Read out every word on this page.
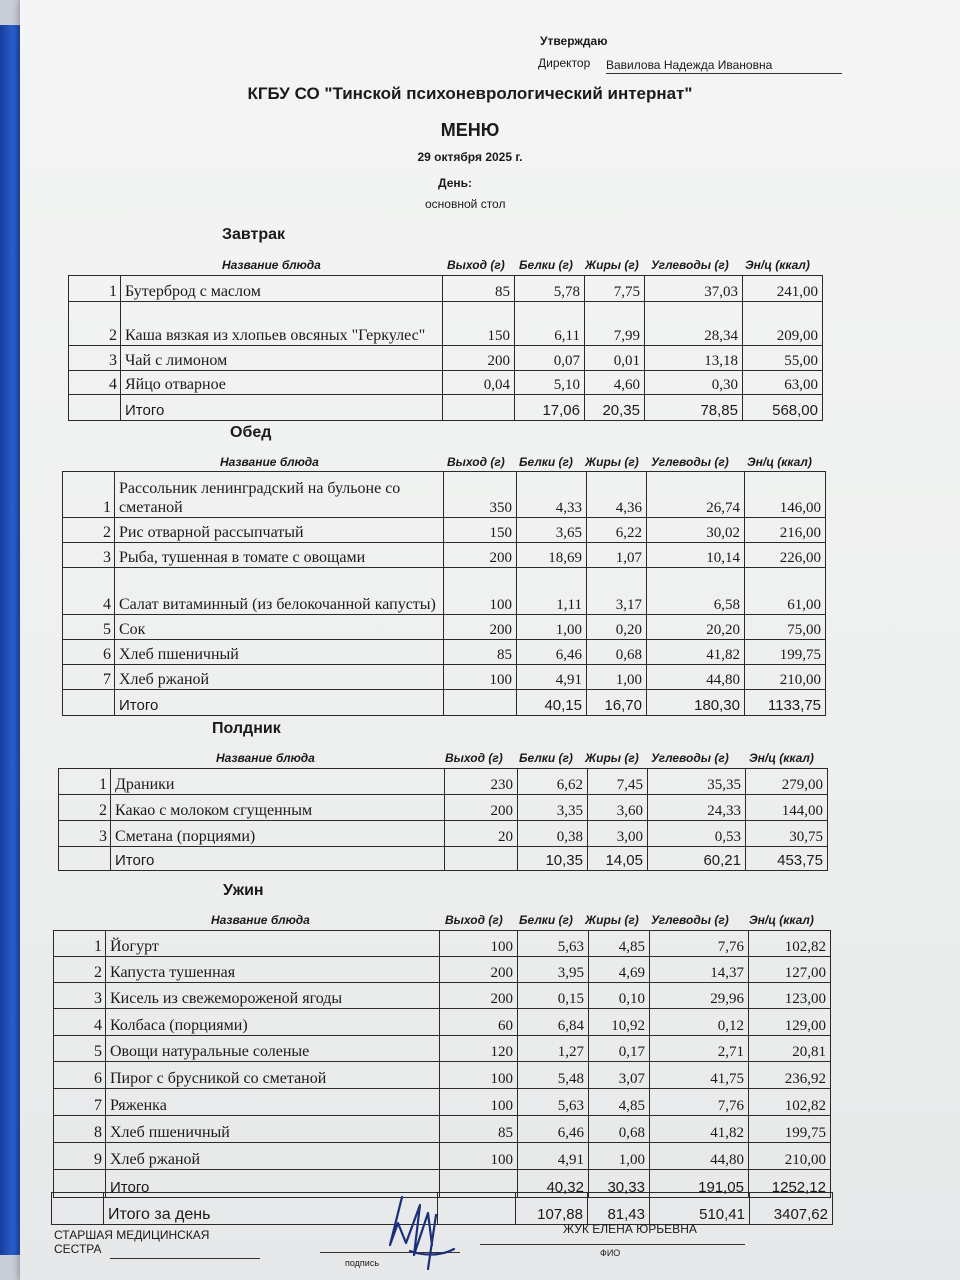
Утверждаю
Директор Вавилова Надежда Ивановна
КГБУ СО "Тинской психоневрологический интернат"
МЕНЮ
29 октября 2025 г.
День:
основной стол
Завтрак
Название блюда	Выход (г) Белки (г) Жиры (г) Углеводы (г) Эн/ц (ккал)
1	Бутерброд с маслом	85	5,78	7,75	37,03	241,00
2	Каша вязкая из хлопьев овсяных "Геркулес"	150	6,11	7,99	28,34	209,00
3	Чай с лимоном	200	0,07	0,01	13,18	55,00
4	Яйцо отварное	0,04	5,10	4,60	0,30	63,00
	Итого		17,06	20,35	78,85	568,00
Обед
Название блюда	Выход (г) Белки (г) Жиры (г) Углеводы (г) Эн/ц (ккал)
1	Рассольник ленинградский на бульоне со сметаной	350	4,33	4,36	26,74	146,00
2	Рис отварной рассыпчатый	150	3,65	6,22	30,02	216,00
3	Рыба, тушенная в томате с овощами	200	18,69	1,07	10,14	226,00
4	Салат витаминный (из белокочанной капусты)	100	1,11	3,17	6,58	61,00
5	Сок	200	1,00	0,20	20,20	75,00
6	Хлеб пшеничный	85	6,46	0,68	41,82	199,75
7	Хлеб ржаной	100	4,91	1,00	44,80	210,00
	Итого		40,15	16,70	180,30	1133,75
Полдник
Название блюда	Выход (г) Белки (г) Жиры (г) Углеводы (г) Эн/ц (ккал)
1	Драники	230	6,62	7,45	35,35	279,00
2	Какао с молоком сгущенным	200	3,35	3,60	24,33	144,00
3	Сметана (порциями)	20	0,38	3,00	0,53	30,75
	Итого		10,35	14,05	60,21	453,75
Ужин
Название блюда	Выход (г) Белки (г) Жиры (г) Углеводы (г) Эн/ц (ккал)
1	Йогурт	100	5,63	4,85	7,76	102,82
2	Капуста тушенная	200	3,95	4,69	14,37	127,00
3	Кисель из свежемороженой ягоды	200	0,15	0,10	29,96	123,00
4	Колбаса (порциями)	60	6,84	10,92	0,12	129,00
5	Овощи натуральные соленые	120	1,27	0,17	2,71	20,81
6	Пирог с брусникой со сметаной	100	5,48	3,07	41,75	236,92
7	Ряженка	100	5,63	4,85	7,76	102,82
8	Хлеб пшеничный	85	6,46	0,68	41,82	199,75
9	Хлеб ржаной	100	4,91	1,00	44,80	210,00
	Итого		40,32	30,33	191,05	1252,12
	Итого за день		107,88	81,43	510,41	3407,62
СТАРШАЯ МЕДИЦИНСКАЯ
СЕСТРА
подпись
ЖУК ЕЛЕНА ЮРЬЕВНА
ФИО
